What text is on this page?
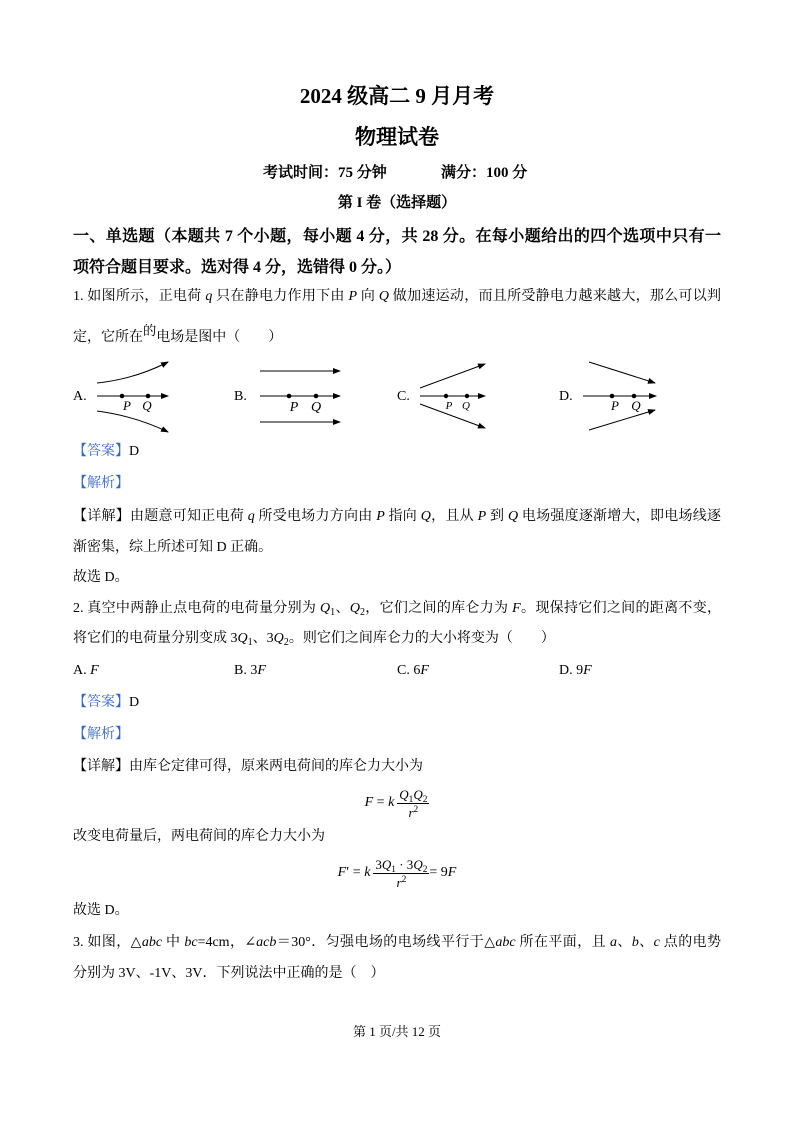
2024 级高二 9 月月考
物理试卷
考试时间：75 分钟	满分：100 分
第 I 卷（选择题）
一、单选题（本题共 7 个小题，每小题 4 分，共 28 分。在每小题给出的四个选项中只有一
项符合题目要求。选对得 4 分，选错得 0 分。）
1. 如图所示，正电荷 q 只在静电力作用下由 P 向 Q 做加速运动，而且所受静电力越来越大，那么可以判
定，它所在的电场是图中（　　）
A.	B.	C.	D.
P Q	P Q	P Q	P Q
【答案】D
【解析】
【详解】由题意可知正电荷 q 所受电场力方向由 P 指向 Q，且从 P 到 Q 电场强度逐渐增大，即电场线逐
渐密集，综上所述可知 D 正确。
故选 D。
2. 真空中两静止点电荷的电荷量分别为 $Q_1$、$Q_2$，它们之间的库仑力为 F。现保持它们之间的距离不变，
将它们的电荷量分别变成 $3Q_1$、$3Q_2$。则它们之间库仑力的大小将变为（　　）
A. F	B. 3F	C. 6F	D. 9F
【答案】D
【解析】
【详解】由库仑定律可得，原来两电荷间的库仑力大小为
F = k $\frac{Q_1Q_2}{r^2}$
改变电荷量后，两电荷间的库仑力大小为
F′ = k $\frac{3Q_1 \cdot 3Q_2}{r^2} = 9F$
故选 D。
3. 如图，△abc 中 bc=4cm，∠acb＝30°．匀强电场的电场线平行于△abc 所在平面，且 a、b、c 点的电势
分别为 3V、-1V、3V．下列说法中正确的是（　）
第 1 页/共 12 页
